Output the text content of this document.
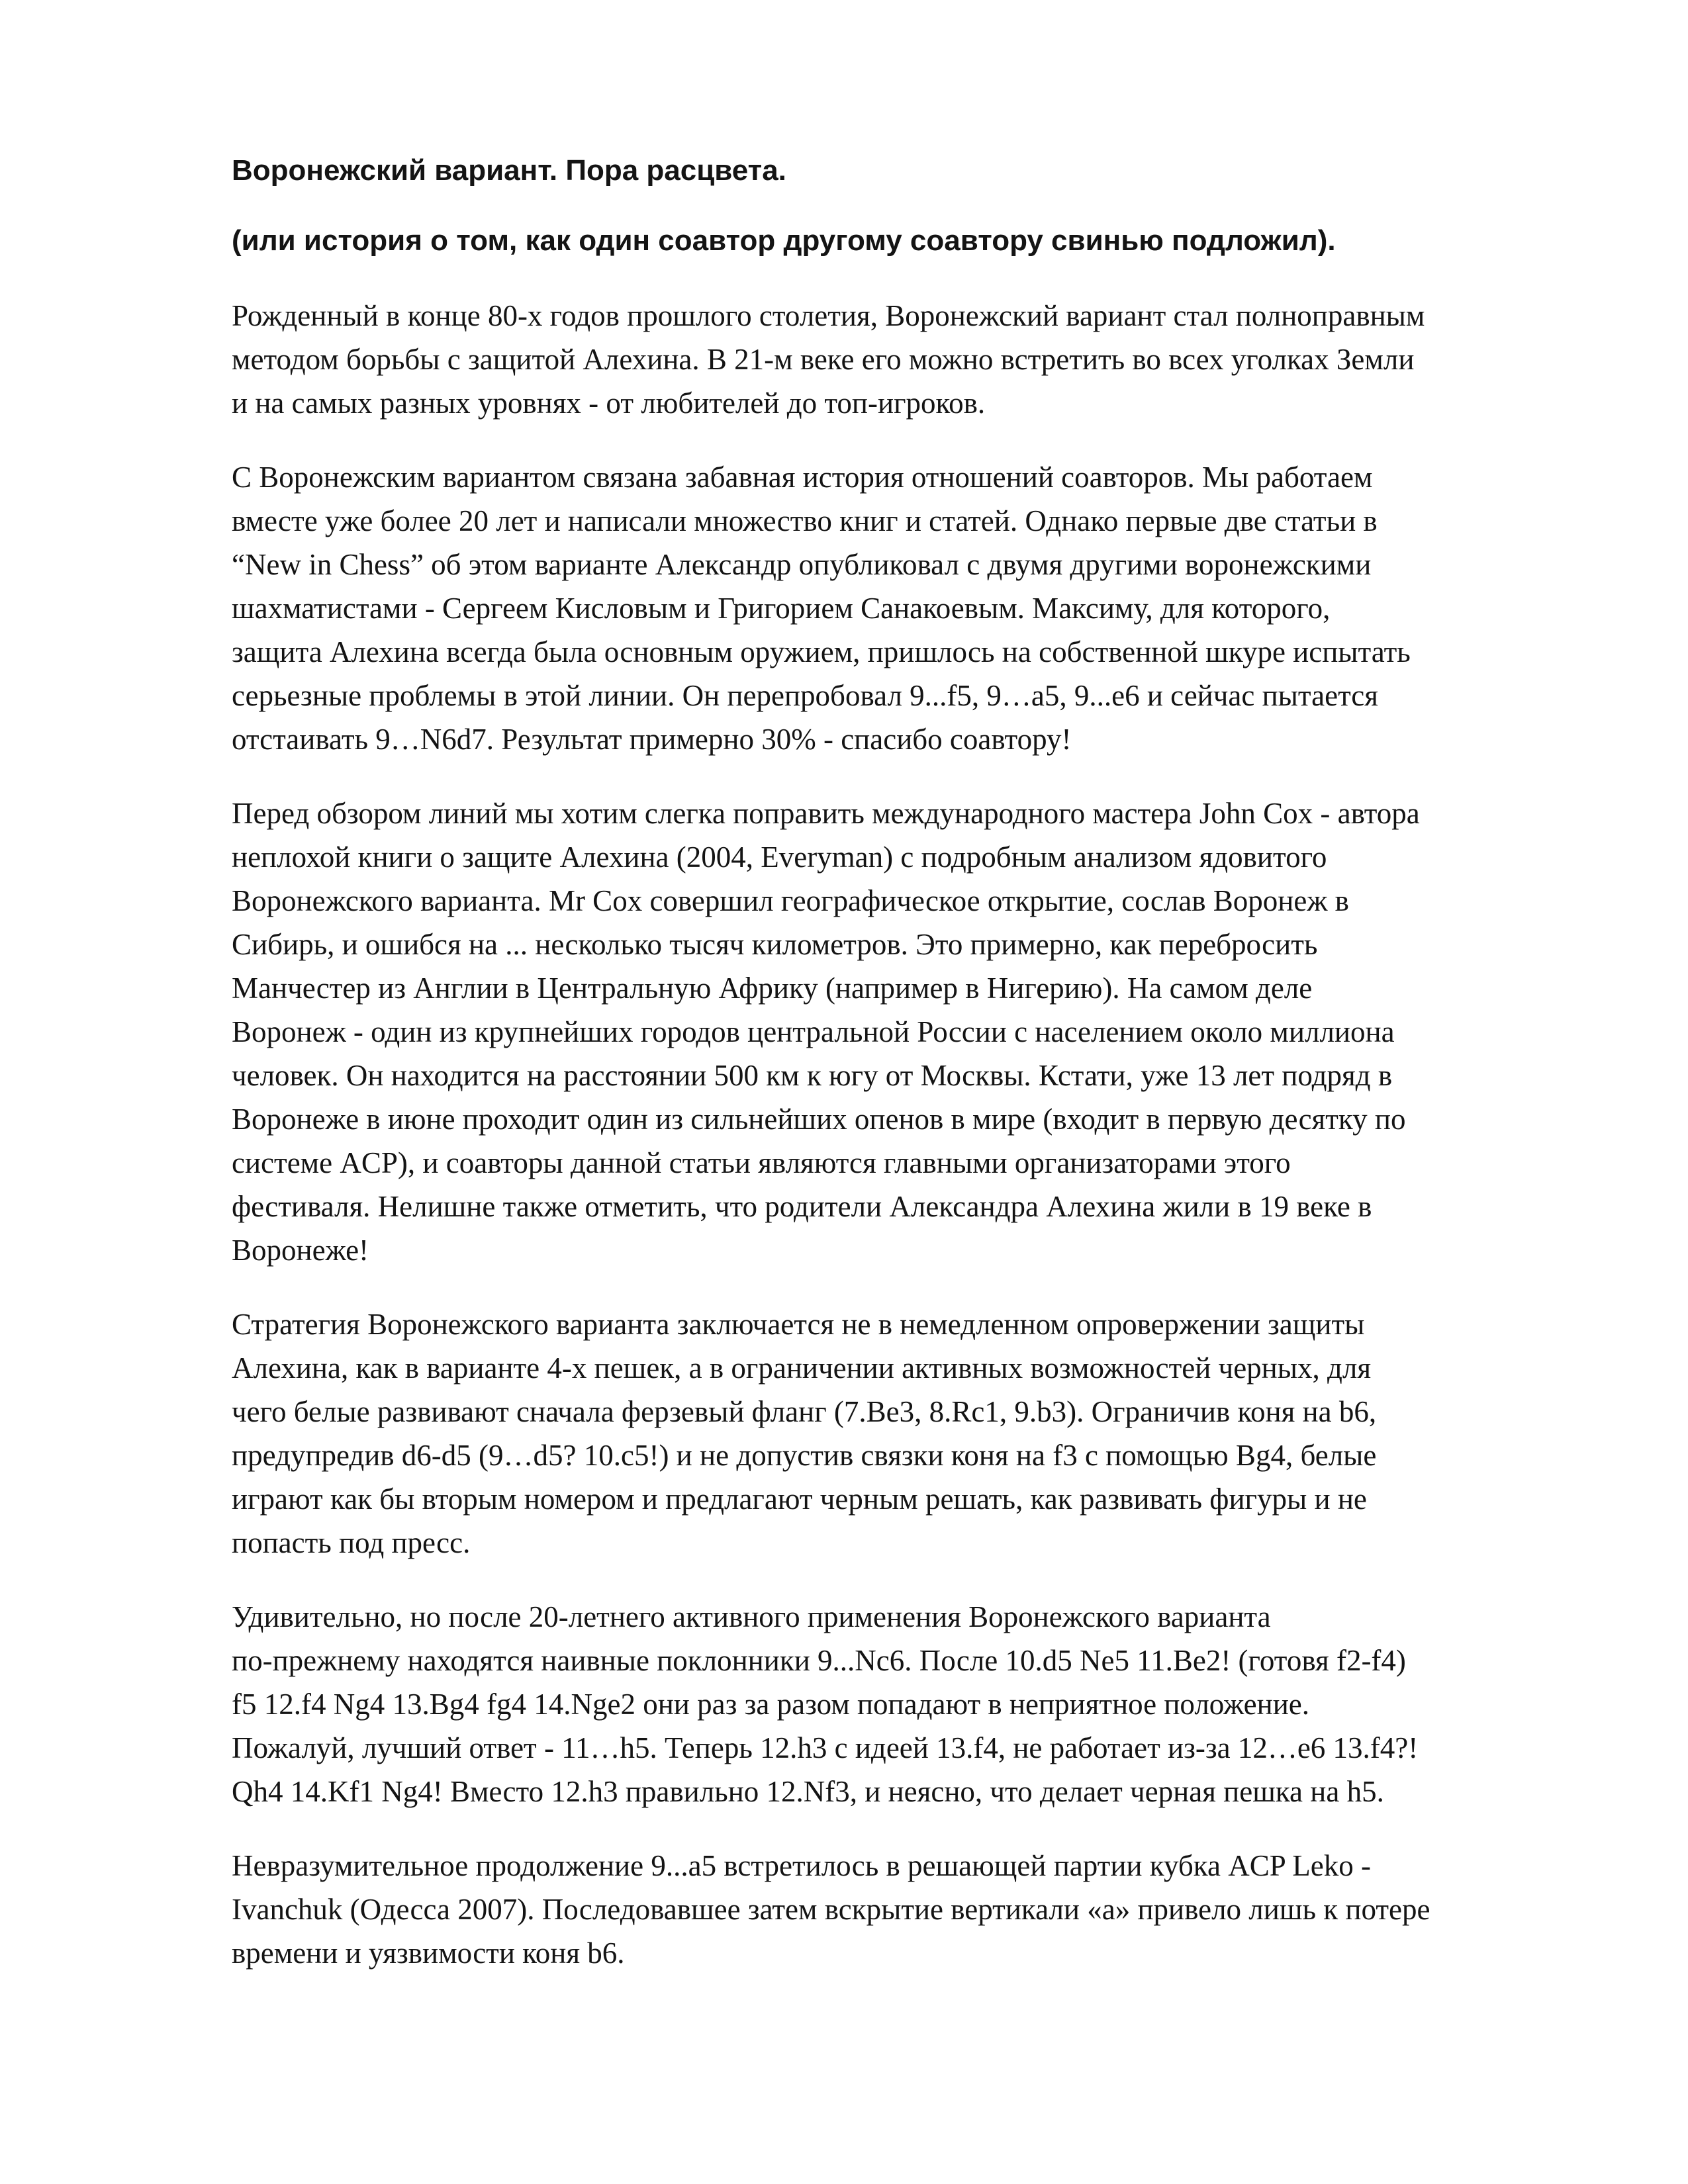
Воронежский вариант. Пора расцвета.
(или история о том, как один соавтор другому соавтору свинью подложил).

Рожденный в конце 80-х годов прошлого столетия, Воронежский вариант стал полноправным
методом борьбы с защитой Алехина. В 21-м веке его можно встретить во всех уголках Земли
и на самых разных уровнях - от любителей до топ-игроков.

С Воронежским вариантом связана забавная история отношений соавторов. Мы работаем
вместе уже более 20 лет и написали множество книг и статей. Однако первые две статьи в
“New in Chess” об этом варианте Александр опубликовал с двумя другими воронежскими
шахматистами - Сергеем Кисловым и Григорием Санакоевым. Максиму, для которого,
защита Алехина всегда была основным оружием, пришлось на собственной шкуре испытать
серьезные проблемы в этой линии. Он перепробовал 9...f5, 9…a5, 9...e6 и сейчас пытается
отстаивать 9…N6d7. Результат примерно 30% - спасибо соавтору!

Перед обзором линий мы хотим слегка поправить международного мастера John Cox - автора
неплохой книги о защите Алехина (2004, Everyman) с подробным анализом ядовитого
Воронежского варианта. Mr Cox совершил географическое открытие, сослав Воронеж в
Сибирь, и ошибся на ... несколько тысяч километров. Это примерно, как перебросить
Манчестер из Англии в Центральную Африку (например в Нигерию). На самом деле
Воронеж - один из крупнейших городов центральной России с населением около миллиона
человек. Он находится на расстоянии 500 км к югу от Москвы. Кстати, уже 13 лет подряд в
Воронеже в июне проходит один из сильнейших опенов в мире (входит в первую десятку по
системе ACP), и соавторы данной статьи являются главными организаторами этого
фестиваля. Нелишне также отметить, что родители Александра Алехина жили в 19 веке в
Воронеже!

Стратегия Воронежского варианта заключается не в немедленном опровержении защиты
Алехина, как в варианте 4-х пешек, а в ограничении активных возможностей черных, для
чего белые развивают сначала ферзевый фланг (7.Be3, 8.Rc1, 9.b3). Ограничив коня на b6,
предупредив d6-d5 (9…d5? 10.c5!) и не допустив связки коня на f3 с помощью Bg4, белые
играют как бы вторым номером и предлагают черным решать, как развивать фигуры и не
попасть под пресс.

Удивительно, но после 20-летнего активного применения Воронежского варианта
по-прежнему находятся наивные поклонники 9...Nc6. После 10.d5 Ne5 11.Be2! (готовя f2-f4)
f5 12.f4 Ng4 13.Bg4 fg4 14.Nge2 они раз за разом попадают в неприятное положение.
Пожалуй, лучший ответ - 11…h5. Теперь 12.h3 с идеей 13.f4, не работает из-за 12…e6 13.f4?!
Qh4 14.Kf1 Ng4! Вместо 12.h3 правильно 12.Nf3, и неясно, что делает черная пешка на h5.

Невразумительное продолжение 9...a5 встретилось в решающей партии кубка ACP Leko -
Ivanchuk (Одесса 2007). Последовавшее затем вскрытие вертикали «а» привело лишь к потере
времени и уязвимости коня b6.
